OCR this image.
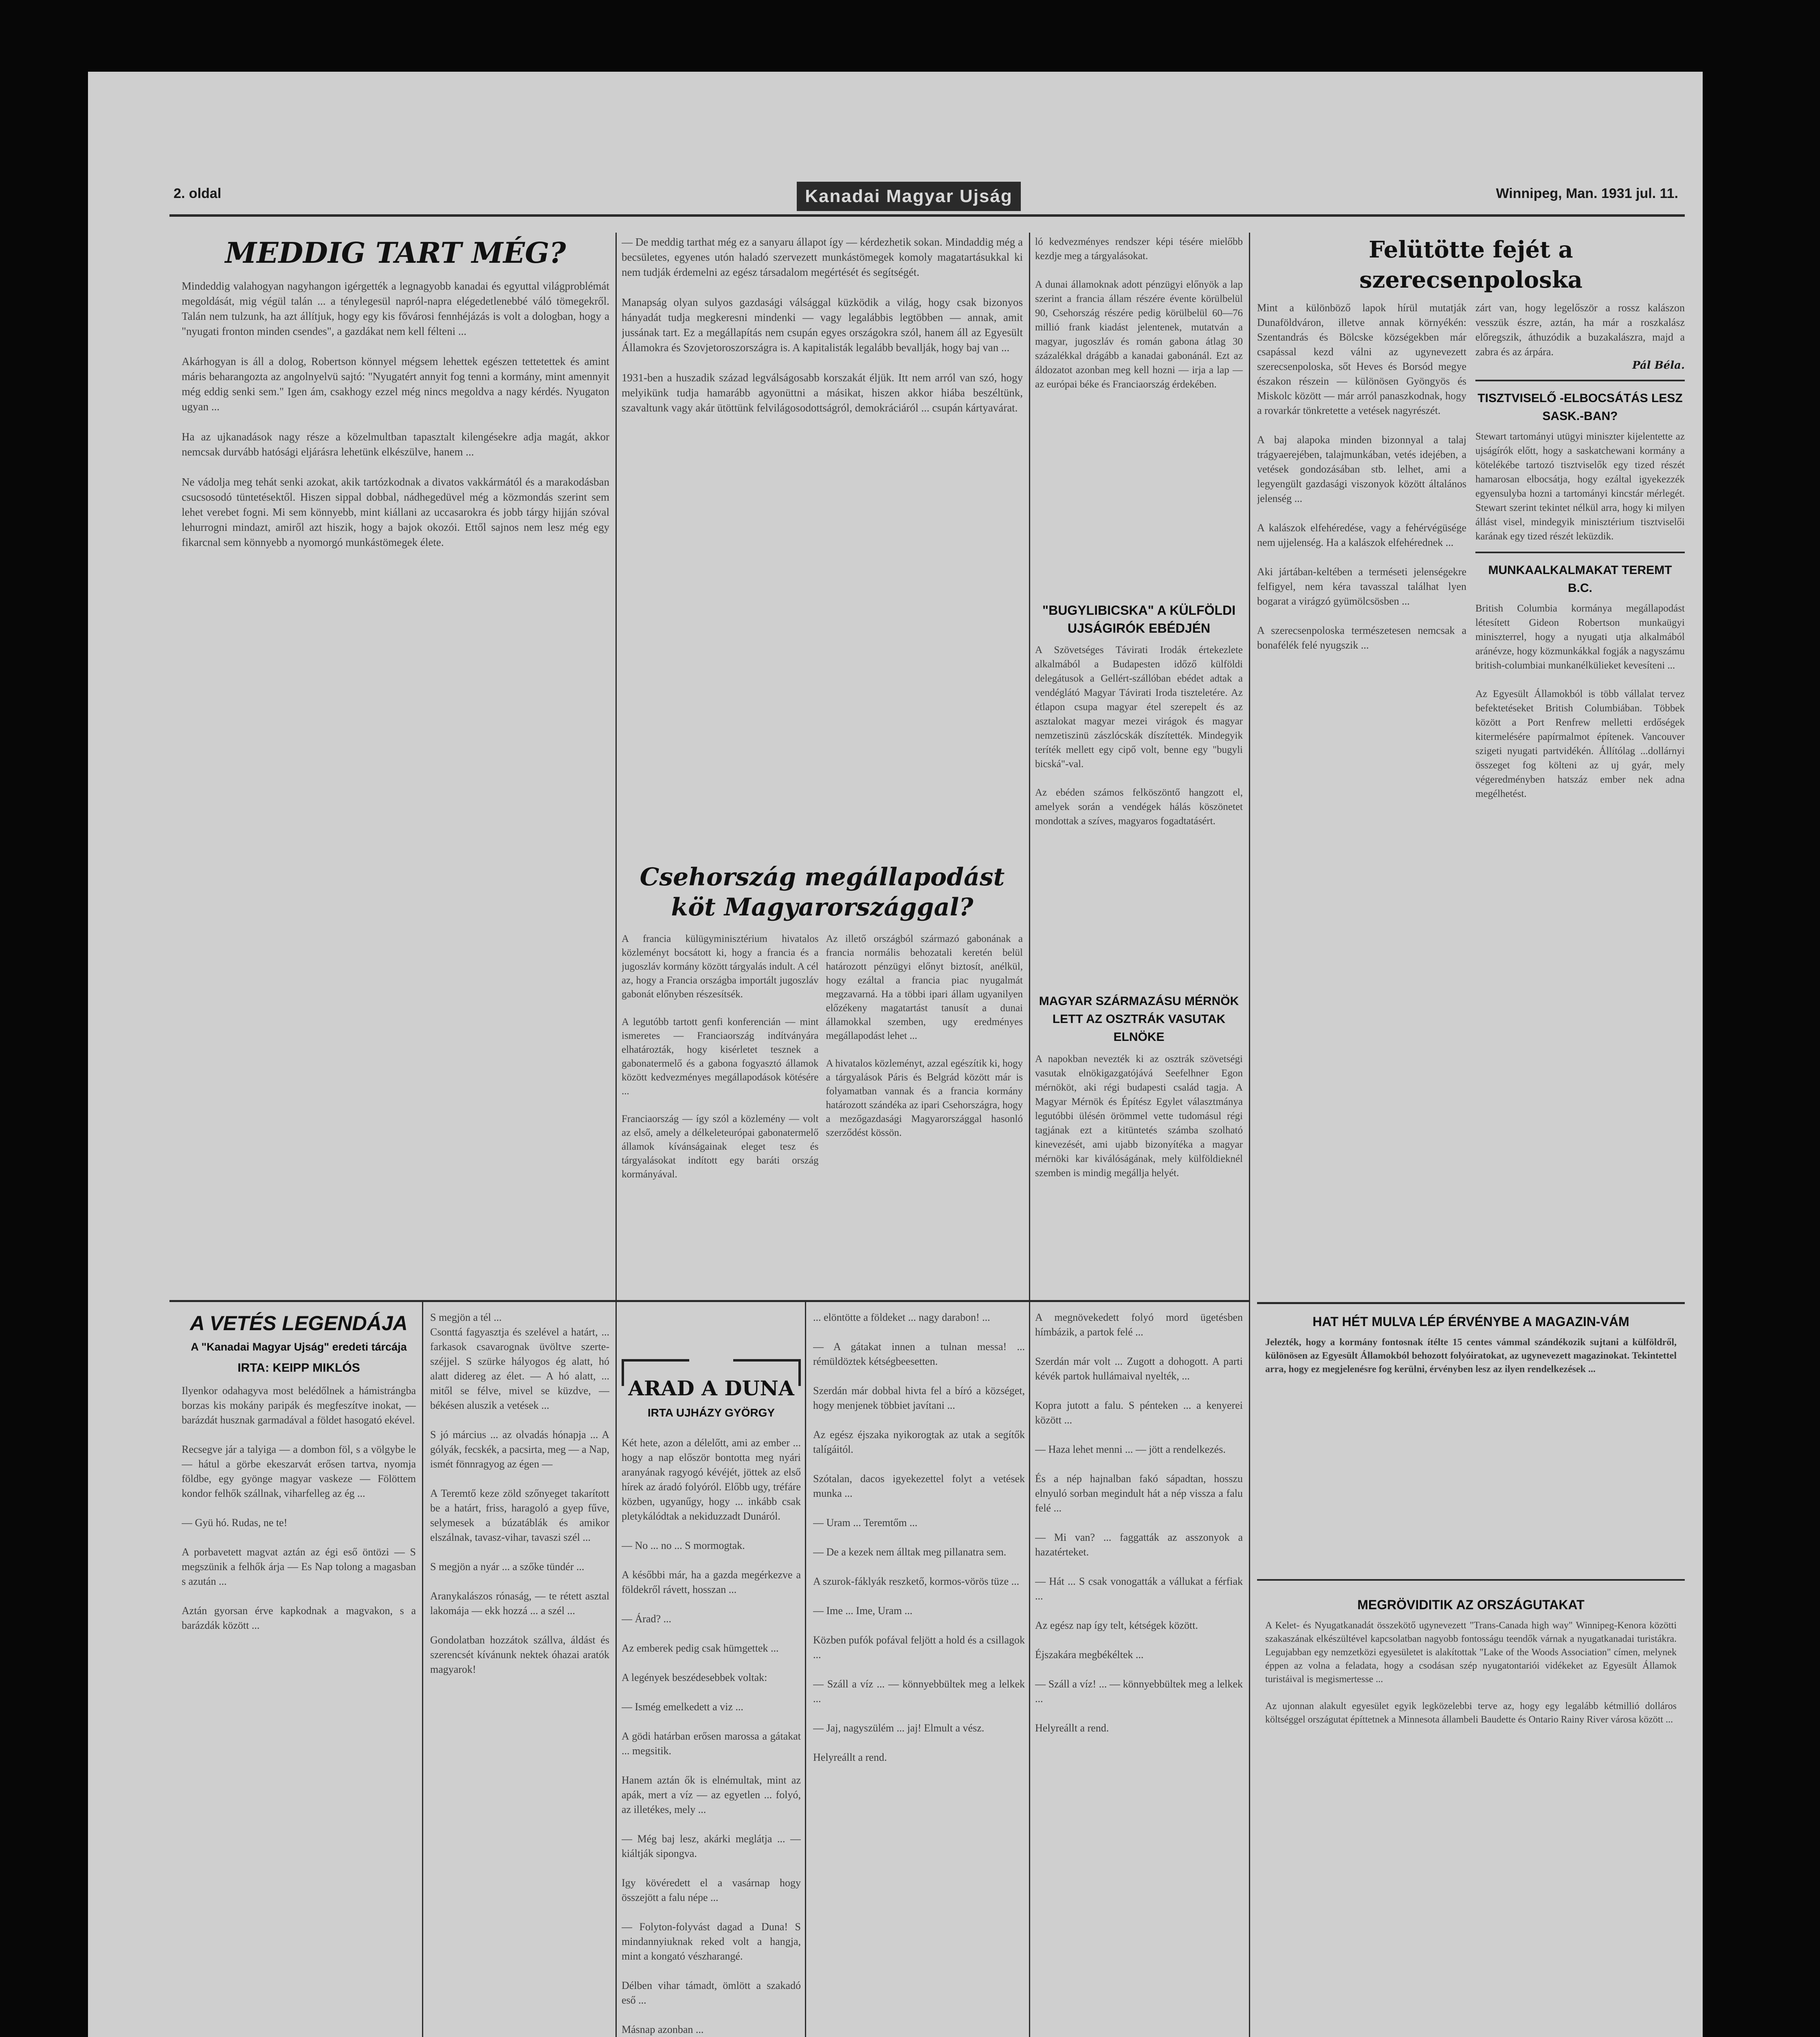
2. oldal	Kanadai Magyar Ujság	Winnipeg, Man. 1931 jul. 11.
MEDDIG TART MÉG?
Mindeddig valahogyan nagyhangon igérgették a legnagyobb kanadai és egyuttal világproblémát megoldását, mig végül talán ... a ténylegesül napról-napra elégedetlenebbé váló tömegekről. Talán nem tulzunk, ha azt állítjuk, hogy egy kis fővárosi fennhéjázás is volt a dologban, hogy a "nyugati fronton minden csendes", a gazdákat nem kell félteni ...

Akárhogyan is áll a dolog, Robertson könnyel mégsem lehettek egészen tettetettek és amint máris beharangozta az angolnyelvü sajtó: "Nyugatért annyit fog tenni a kormány, mint amennyit még eddig senki sem." Igen ám, csakhogy ezzel még nincs megoldva a nagy kérdés. Nyugaton ugyan ...

Ha az ujkanadások nagy része a közelmultban tapasztalt kilengésekre adja magát, akkor nemcsak durvább hatósági eljárásra lehetünk elkészülve, hanem ...

Ne vádolja meg tehát senki azokat, akik tartózkodnak a divatos vakkármától és a marakodásban csucsosodó tüntetésektől. Hiszen sippal dobbal, nádhegedüvel még a közmondás szerint sem lehet verebet fogni. Mi sem könnyebb, mint kiállani az uccasarokra és jobb tárgy hijján szóval lehurrogni mindazt, amiről azt hiszik, hogy a bajok okozói. Ettől sajnos nem lesz még egy fikarcnal sem könnyebb a nyomorgó munkástömegek élete.
— De meddig tarthat még ez a sanyaru állapot így — kérdezhetik sokan. Mindaddig még a becsületes, egyenes utón haladó szervezett munkástömegek komoly magatartásukkal ki nem tudják érdemelni az egész társadalom megértését és segítségét.

Manapság olyan sulyos gazdasági válsággal küzködik a világ, hogy csak bizonyos hányadát tudja megkeresni mindenki — vagy legalábbis legtöbben — annak, amit jussának tart. Ez a megállapítás nem csupán egyes országokra szól, hanem áll az Egyesült Államokra és Szovjetoroszországra is. A kapitalisták legalább bevallják, hogy baj van ...

1931-ben a huszadik század legválságosabb korszakát éljük. Itt nem arról van szó, hogy melyikünk tudja hamarább agyonüttni a másikat, hiszen akkor hiába beszéltünk, szavaltunk vagy akár ütöttünk felvilágosodottságról, demokráciáról ... csupán kártyavárat.
Csehország megállapodást köt Magyarországgal?
A francia külügyminisztérium hivatalos közleményt bocsátott ki, hogy a francia és a jugoszláv kormány között tárgyalás indult. A cél az, hogy a Francia országba importált jugoszláv gabonát előnyben részesítsék.

A legutóbb tartott genfi konferencián — mint ismeretes — Franciaország indítványára elhatározták, hogy kisérletet tesznek a gabonatermelő és a gabona fogyasztó államok között kedvezményes megállapodások kötésére ...

Franciaország — így szól a közlemény — volt az első, amely a délkeleteurópai gabonatermelő államok kívánságainak eleget tesz és tárgyalásokat indított egy baráti ország kormányával.
Az illető országból származó gabonának a francia normális behozatali keretén belül határozott pénzügyi előnyt biztosít, anélkül, hogy ezáltal a francia piac nyugalmát megzavarná. Ha a többi ipari állam ugyanilyen előzékeny magatartást tanusít a dunai államokkal szemben, ugy eredményes megállapodást lehet ...

A hivatalos közleményt, azzal egészítik ki, hogy a tárgyalások Páris és Belgrád között már is folyamatban vannak és a francia kormány határozott szándéka az ipari Csehországra, hogy a mezőgazdasági Magyarországgal hasonló szerződést kössön.
ló kedvezményes rendszer képi tésére mielőbb kezdje meg a tárgyalásokat.

A dunai államoknak adott pénzügyi előnyök a lap szerint a francia állam részére évente körülbelül 90, Csehország részére pedig körülbelül 60—76 millió frank kiadást jelentenek, mutatván a magyar, jugoszláv és román gabona átlag 30 százalékkal drágább a kanadai gabonánál. Ezt az áldozatot azonban meg kell hozni — irja a lap — az európai béke és Franciaország érdekében.
"BUGYLIBICSKA" A KÜLFÖLDI UJSÁGIRÓK EBÉDJÉN
A Szövetséges Távirati Irodák értekezlete alkalmából a Budapesten időző külföldi delegátusok a Gellért-szállóban ebédet adtak a vendéglátó Magyar Távirati Iroda tiszteletére. Az étlapon csupa magyar étel szerepelt és az asztalokat magyar mezei virágok és magyar nemzetiszinü zászlócskák díszítették. Mindegyik teríték mellett egy cipő volt, benne egy "bugyli bicská"-val.

Az ebéden számos felköszöntő hangzott el, amelyek során a vendégek hálás köszönetet mondottak a szíves, magyaros fogadtatásért.
MAGYAR SZÁRMAZÁSU MÉRNÖK LETT AZ OSZTRÁK VASUTAK ELNÖKE
A napokban nevezték ki az osztrák szövetségi vasutak elnökigazgatójává Seefelhner Egon mérnököt, aki régi budapesti család tagja. A Magyar Mérnök és Építész Egylet választmánya legutóbbi ülésén örömmel vette tudomásul régi tagjának ezt a kitüntetés számba szolható kinevezését, ami ujabb bizonyítéka a magyar mérnöki kar kiválóságának, mely külföldieknél szemben is mindig megállja helyét.
Felütötte fejét a szerecsenpoloska
Mint a különböző lapok hírül mutatják Dunaföldváron, illetve annak környékén: Szentandrás és Bölcske községekben már csapással kezd válni az ugynevezett szerecsenpoloska, sőt Heves és Borsód megye északon részein — különösen Gyöngyös és Miskolc között — már arról panaszkodnak, hogy a rovarkár tönkretette a vetések nagyrészét.

A baj alapoka minden bizonnyal a talaj trágyaerejében, talajmunkában, vetés idejében, a vetések gondozásában stb. lelhet, ami a legyengült gazdasági viszonyok között általános jelenség ...

A kalászok elfehéredése, vagy a fehérvégüsége nem ujjelenség. Ha a kalászok elfehérednek ...

Aki jártában-keltében a terméseti jelenségekre felfigyel, nem kéra tavasszal találhat lyen bogarat a virágzó gyümölcsösben ...

A szerecsenpoloska természetesen nemcsak a bonafélék felé nyugszik ...
zárt van, hogy legelőször a rossz kalászon vesszük észre, aztán, ha már a roszkalász előregszik, áthuzódik a buzakalászra, majd a zabra és az árpára.
Pál Béla.
TISZTVISELŐ -ELBOCSÁTÁS LESZ SASK.-BAN?
Stewart tartományi utügyi miniszter kijelentette az ujságírók előtt, hogy a saskatchewani kormány a kötelékébe tartozó tisztviselők egy tized részét hamarosan elbocsátja, hogy ezáltal igyekezzék egyensulyba hozni a tartományi kincstár mérlegét. Stewart szerint tekintet nélkül arra, hogy ki milyen állást visel, mindegyik minisztérium tisztviselői karának egy tized részét leküzdik.
MUNKAALKALMAKAT TEREMT B.C.
British Columbia kormánya megállapodást létesített Gideon Robertson munkaügyi miniszterrel, hogy a nyugati utja alkalmából aránévze, hogy közmunkákkal fogják a nagyszámu british-columbiai munkanélkülieket kevesíteni ...

Az Egyesült Államokból is több vállalat tervez befektetéseket British Columbiában. Többek között a Port Renfrew melletti erdőségek kitermelésére papírmalmot építenek. Vancouver szigeti nyugati partvidékén. Állítólag ...dollárnyi összeget fog költeni az uj gyár, mely végeredményben hatszáz ember nek adna megélhetést.
HAT HÉT MULVA LÉP ÉRVÉNYBE A MAGAZIN-VÁM
Jelezték, hogy a kormány fontosnak ítélte 15 centes vámmal szándékozik sujtani a külföldről, különösen az Egyesült Államokból behozott folyóiratokat, az ugynevezett magazinokat. Tekintettel arra, hogy ez megjelenésre fog kerülni, érvényben lesz az ilyen rendelkezések ...
MEGRÖVIDITIK AZ ORSZÁGUTAKAT
A Kelet- és Nyugatkanadát összekötő ugynevezett "Trans-Canada high way" Winnipeg-Kenora közötti szakaszának elkészültével kapcsolatban nagyobb fontosságu teendők várnak a nyugatkanadai turistákra. Legujabban egy nemzetközi egyesületet is alakítottak "Lake of the Woods Association" címen, melynek éppen az volna a feladata, hogy a csodásan szép nyugatontariói vidékeket az Egyesült Államok turistáival is megismertesse ...

Az ujonnan alakult egyesület egyik legközelebbi terve az, hogy egy legalább kétmillió dolláros költséggel országutat építtetnek a Minnesota állambeli Baudette és Ontario Rainy River városa között ...
A VETÉS LEGENDÁJA
A "Kanadai Magyar Ujság" eredeti tárcája
IRTA: KEIPP MIKLÓS
Ilyenkor odahagyva most belédőlnek a hámistrángba borzas kis mokány paripák és megfeszítve inokat, — barázdát husznak garmadával a földet hasogató ekével.

Recsegve jár a talyiga — a dombon föl, s a völgybe le — hátul a görbe ekeszarvát erősen tartva, nyomja földbe, egy gyönge magyar vaskeze — Fölöttem kondor felhők szállnak, viharfelleg az ég ...

— Gyü hó. Rudas, ne te!

A porbavetett magvat aztán az égi eső öntözi — S megszünik a felhők árja — Es Nap tolong a magasban s azután ...

Aztán gyorsan érve kapkodnak a magvakon, s a barázdák között ...
S megjön a tél ...
Csonttá fagyasztja és szelével a határt, ... farkasok csavarognak üvöltve szerte-széjjel. S szürke hályogos ég alatt, hó alatt didereg az élet. — A hó alatt, ... mitől se félve, mivel se küzdve, — békésen aluszik a vetések ...

S jó március ... az olvadás hónapja ... A gólyák, fecskék, a pacsirta, meg — a Nap, ismét fönnragyog az égen —

A Teremtő keze zöld szőnyeget takarított be a határt, friss, haragoló a gyep fűve, selymesek a búzatáblák és amikor elszálnak, tavasz-vihar, tavaszi szél ...

S megjön a nyár ... a szőke tündér ...

Aranykalászos rónaság, — te rétett asztal lakomája — ekk hozzá ... a szél ...

Gondolatban hozzátok szállva, áldást és szerencsét kívánunk nektek óhazai aratók magyarok!
ARAD A DUNA
IRTA UJHÁZY GYÖRGY
Két hete, azon a délelőtt, ami az ember ... hogy a nap először bontotta meg nyári aranyának ragyogó kévéjét, jöttek az első hírek az áradó folyóról. Előbb ugy, tréfáre közben, ugyanűgy, hogy ... inkább csak pletykálódtak a nekiduzzadt Dunáról.

— No ... no ... S mormogtak.

A későbbi már, ha a gazda megérkezve a földekről rávett, hosszan ...

— Árad? ...

Az emberek pedig csak hümgettek ...

A legények beszédesebbek voltak:

— Ismég emelkedett a viz ...

A gödi határban erősen marossa a gátakat ... megsitik.

Hanem aztán ők is elnémultak, mint az apák, mert a víz — az egyetlen ... folyó, az illetékes, mely ...

— Még baj lesz, akárki meglátja ... — kiáltják sipongva.

Igy kövéredett el a vasárnap hogy összejött a falu népe ...

— Folyton-folyvást dagad a Duna! S mindannyiuknak reked volt a hangja, mint a kongató vészharangé.

Délben vihar támadt, ömlött a szakadó eső ...

Másnap azonban ...

... elöntötte a földeket ... nagy darabon! ...

— A gátakat innen a tulnan messa! ... rémüldöztek kétségbeesetten.

Szerdán már dobbal hivta fel a bíró a községet, hogy menjenek többiet javítani ...

Az egész éjszaka nyikorogtak az utak a segítők talígáitól.

Szótalan, dacos igyekezettel folyt a vetések munka ...

— Uram ... Teremtőm ...

— De a kezek nem álltak meg pillanatra sem.

A szurok-fáklyák reszkető, kormos-vörös tüze ...

— Ime ... Ime, Uram ...

Közben pufók pofával feljött a hold és a csillagok ...

— Száll a víz ... — könnyebbültek meg a lelkek ...

— Jaj, nagyszülém ... jaj! Elmult a vész.

Helyreállt a rend.
A megnövekedett folyó mord ügetésben hímbázik, a partok felé ...

Szerdán már volt ... Zugott a dohogott. A parti kévék partok hullámaival nyelték, ...

Kopra jutott a falu. S pénteken ... a kenyerei között ...

— Haza lehet menni ... — jött a rendelkezés.

És a nép hajnalban fakó sápadtan, hosszu elnyuló sorban megindult hát a nép vissza a falu felé ...

— Mi van? ... faggatták az asszonyok a hazatérteket.

— Hát ... S csak vonogatták a vállukat a férfiak ...

Az egész nap így telt, kétségek között.

Éjszakára megbékéltek ...

— Száll a víz! ... — könnyebbültek meg a lelkek ...

Helyreállt a rend.
